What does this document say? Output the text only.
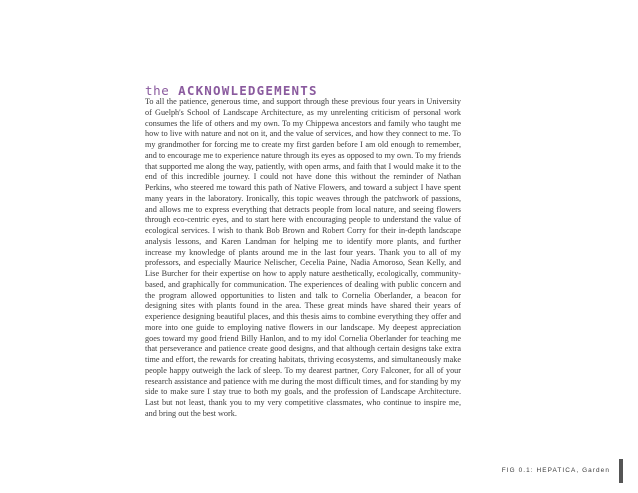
the ACKNOWLEDGEMENTS

To all the patience, generous time, and support through these previous four years in University of Guelph's School of Landscape Architecture, as my unrelenting criticism of personal work consumes the life of others and my own. To my Chippewa ancestors and family who taught me how to live with nature and not on it, and the value of services, and how they connect to me. To my grandmother for forcing me to create my first garden before I am old enough to remember, and to encourage me to experience nature through its eyes as opposed to my own. To my friends that supported me along the way, patiently, with open arms, and faith that I would make it to the end of this incredible journey. I could not have done this without the reminder of Nathan Perkins, who steered me toward this path of Native Flowers, and toward a subject I have spent many years in the laboratory. Ironically, this topic weaves through the patchwork of passions, and allows me to express everything that detracts people from local nature, and seeing flowers through eco-centric eyes, and to start here with encouraging people to understand the value of ecological services. I wish to thank Bob Brown and Robert Corry for their in-depth landscape analysis lessons, and Karen Landman for helping me to identify more plants, and further increase my knowledge of plants around me in the last four years. Thank you to all of my professors, and especially Maurice Nelischer, Cecelia Paine, Nadia Amoroso, Sean Kelly, and Lise Burcher for their expertise on how to apply nature aesthetically, ecologically, community-based, and graphically for communication. The experiences of dealing with public concern and the program allowed opportunities to listen and talk to Cornelia Oberlander, a beacon for designing sites with plants found in the area. These great minds have shared their years of experience designing beautiful places, and this thesis aims to combine everything they offer and more into one guide to employing native flowers in our landscape. My deepest appreciation goes toward my good friend Billy Hanlon, and to my idol Cornelia Oberlander for teaching me that perseverance and patience create good designs, and that although certain designs take extra time and effort, the rewards for creating habitats, thriving ecosystems, and simultaneously make people happy outweigh the lack of sleep. To my dearest partner, Cory Falconer, for all of your research assistance and patience with me during the most difficult times, and for standing by my side to make sure I stay true to both my goals, and the profession of Landscape Architecture. Last but not least, thank you to my very competitive classmates, who continue to inspire me, and bring out the best work.

FIG 0.1: HEPATICA, Garden
